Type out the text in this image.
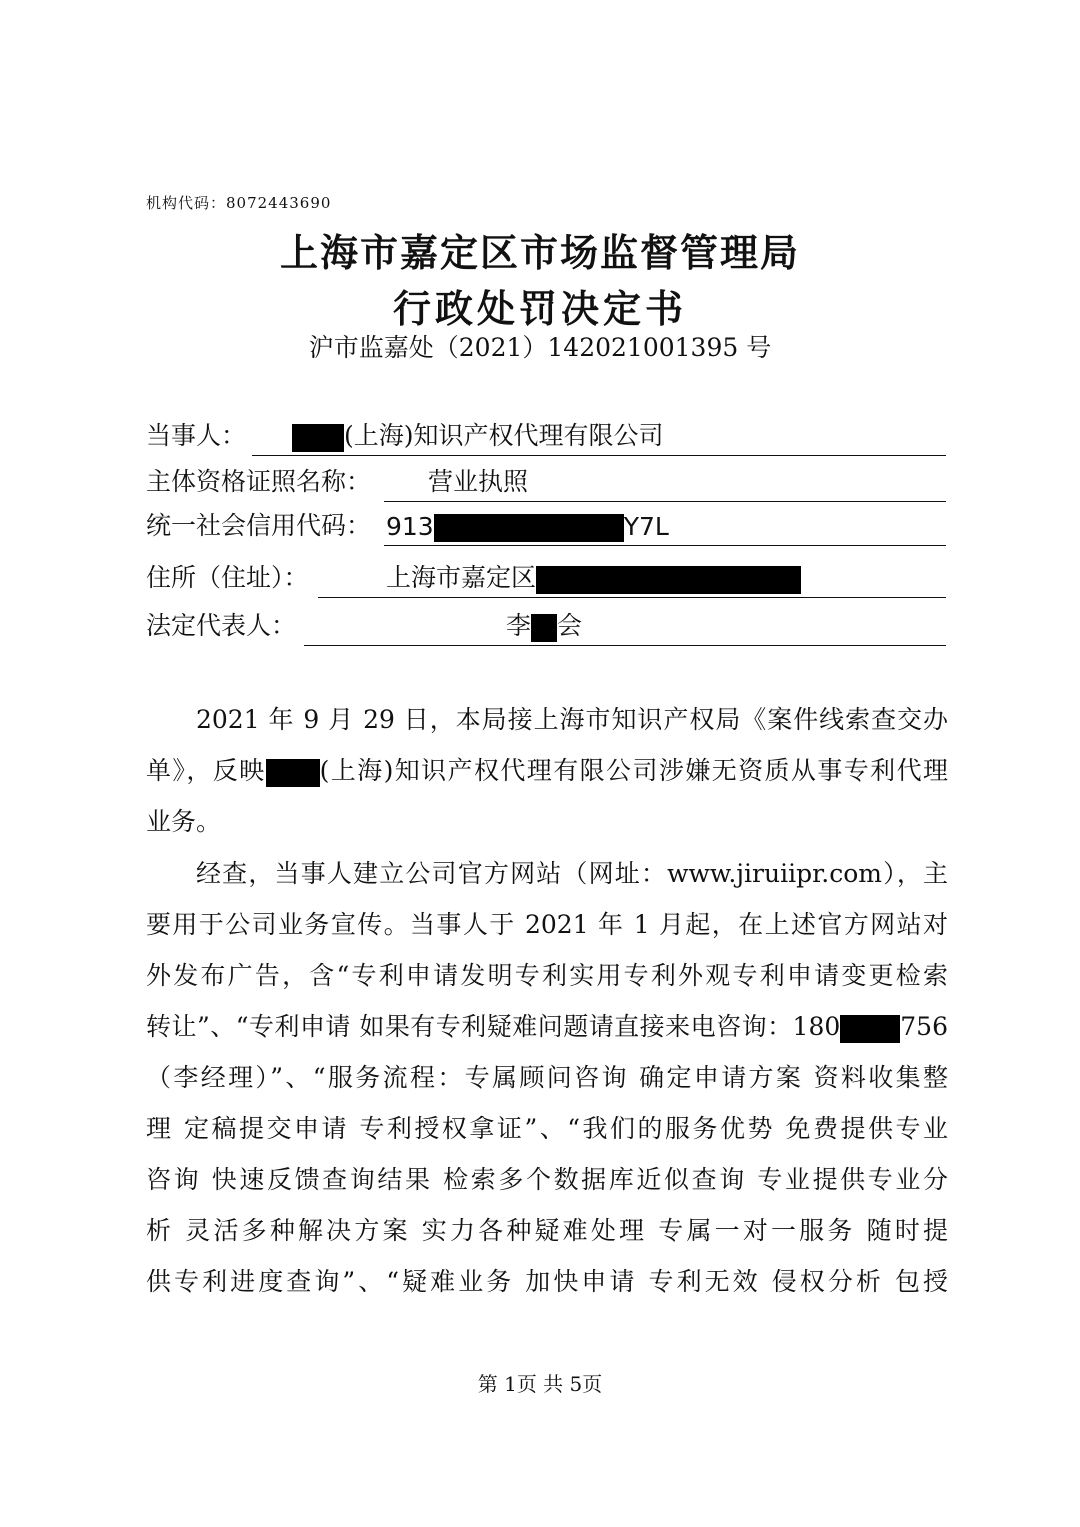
机构代码：8072443690
上海市嘉定区市场监督管理局
行政处罚决定书
沪市监嘉处（2021）142021001395 号
当事人：	(上海)知识产权代理有限公司
主体资格证照名称： 营业执照
统一社会信用代码： 913	Y7L
住所（住址）：	上海市嘉定区
法定代表人：	李 会
2021 年 9 月 29 日，本局接上海市知识产权局《案件线索查交办
单》，反映 (上海)知识产权代理有限公司涉嫌无资质从事专利代理
业务。
经查，当事人建立公司官方网站（网址：www.jiruiipr.com），主
要用于公司业务宣传。当事人于 2021 年 1 月起，在上述官方网站对
外发布广告，含“专利申请发明专利实用专利外观专利申请变更检索
转让”、“专利申请 如果有专利疑难问题请直接来电咨询：180 756
（李经理）”、“服务流程：专属顾问咨询 确定申请方案 资料收集整
理 定稿提交申请 专利授权拿证”、“我们的服务优势 免费提供专业
咨询 快速反馈查询结果 检索多个数据库近似查询 专业提供专业分
析 灵活多种解决方案 实力各种疑难处理 专属一对一服务 随时提
供专利进度查询”、“疑难业务 加快申请 专利无效 侵权分析 包授
第 1页 共 5页
